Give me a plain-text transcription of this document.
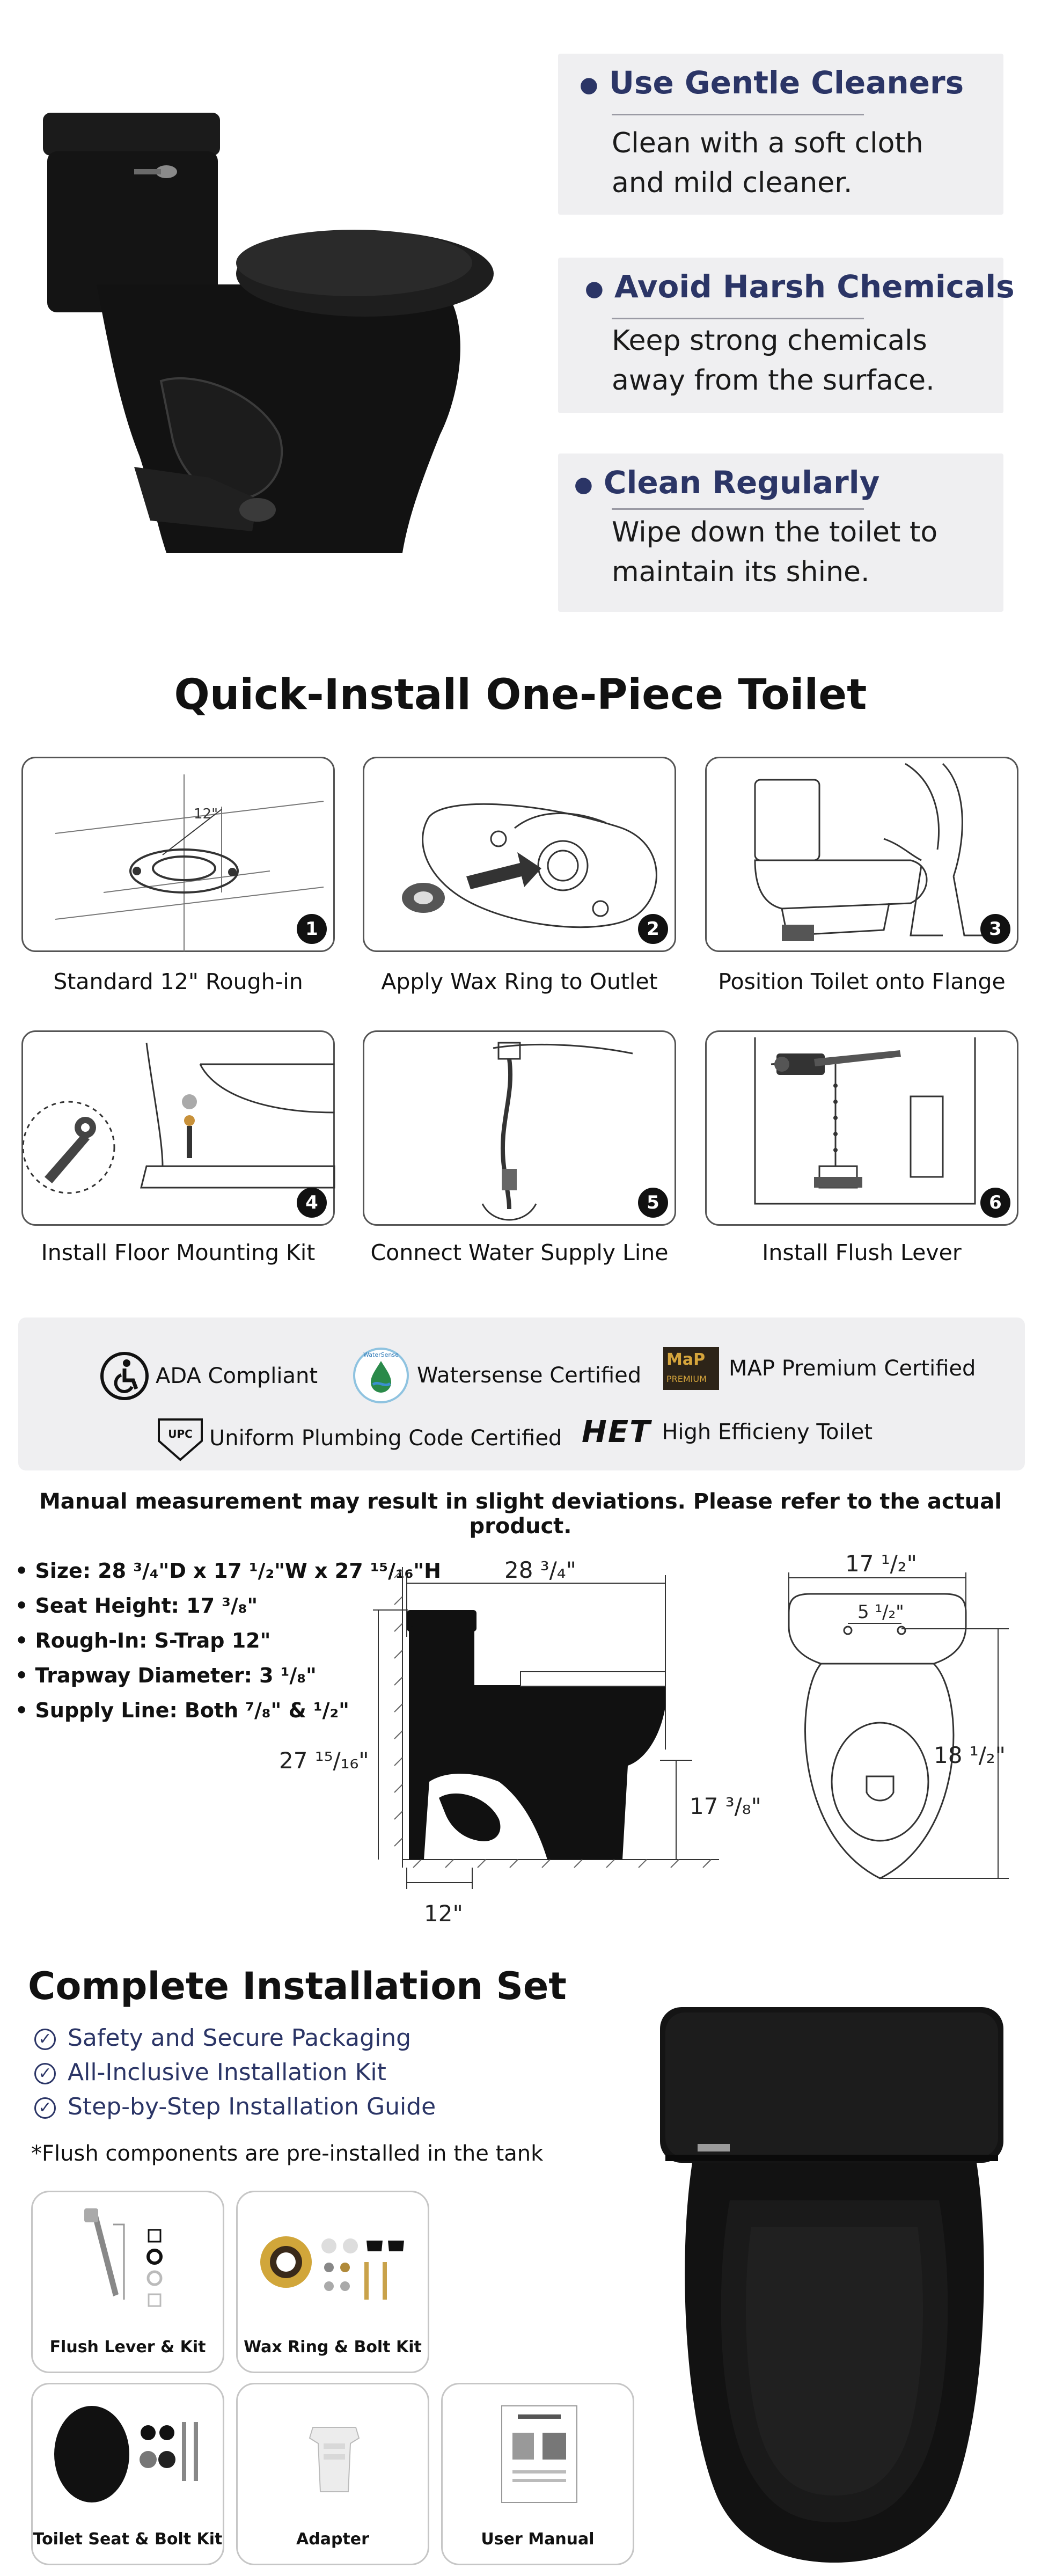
● Use Gentle Cleaners
Clean with a soft cloth
and mild cleaner.
● Avoid Harsh Chemicals
Keep strong chemicals
away from the surface.
● Clean Regularly
Wipe down the toilet to
maintain its shine.
Quick-Install One-Piece Toilet
12"
1
Standard 12" Rough-in
2
Apply Wax Ring to Outlet
3
Position Toilet onto Flange
4
Install Floor Mounting Kit
5
Connect Water Supply Line
6
Install Flush Lever
ADA Compliant
WaterSense
Watersense Certified
MaP
PREMIUM MAP Premium Certified
UPC Uniform Plumbing Code Certified HET High Efficieny Toilet
Manual measurement may result in slight deviations. Please refer to the actual product.
• Size: 28 ³/₄"D x 17 ¹/₂"W x 27 ¹⁵/₁₆"H
• Seat Height: 17 ³/₈"
• Rough-In: S-Trap 12"
• Trapway Diameter: 3 ¹/₈"
• Supply Line: Both ⁷/₈" & ¹/₂"
28 ³/₄"
27 ¹⁵/₁₆"
17 ³/₈"
12"
17 ¹/₂"
5 ¹/₂"
18 ¹/₂"
Complete Installation Set
✓ Safety and Secure Packaging
✓ All-Inclusive Installation Kit
✓ Step-by-Step Installation Guide
*Flush components are pre-installed in the tank
Flush Lever & Kit	Wax Ring & Bolt Kit
Toilet Seat & Bolt Kit	Adapter	User Manual
